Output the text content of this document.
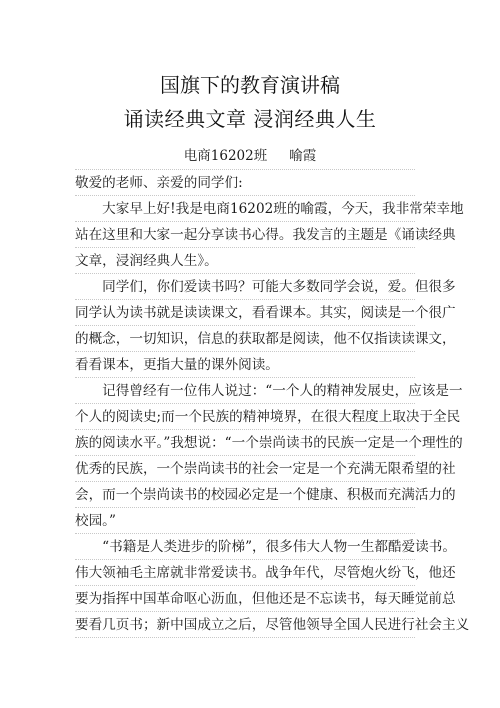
国旗下的教育演讲稿
诵读经典文章 浸润经典人生
电商16202班 喻霞
敬爱的老师、亲爱的同学们:
　　大家早上好!我是电商16202班的喻霞，今天，我非常荣幸地
站在这里和大家一起分享读书心得。我发言的主题是《诵读经典
文章，浸润经典人生》。
　　同学们，你们爱读书吗？可能大多数同学会说，爱。但很多
同学认为读书就是读读课文，看看课本。其实，阅读是一个很广
的概念，一切知识，信息的获取都是阅读，他不仅指读读课文，
看看课本，更指大量的课外阅读。
　　记得曾经有一位伟人说过：“一个人的精神发展史，应该是一
个人的阅读史;而一个民族的精神境界，在很大程度上取决于全民
族的阅读水平。”我想说：“一个崇尚读书的民族一定是一个理性的
优秀的民族，一个崇尚读书的社会一定是一个充满无限希望的社
会，而一个崇尚读书的校园必定是一个健康、积极而充满活力的
校园。”
　　“书籍是人类进步的阶梯”，很多伟大人物一生都酷爱读书。
伟大领袖毛主席就非常爱读书。战争年代，尽管炮火纷飞，他还
要为指挥中国革命呕心沥血，但他还是不忘读书，每天睡觉前总
要看几页书；新中国成立之后，尽管他领导全国人民进行社会主义
